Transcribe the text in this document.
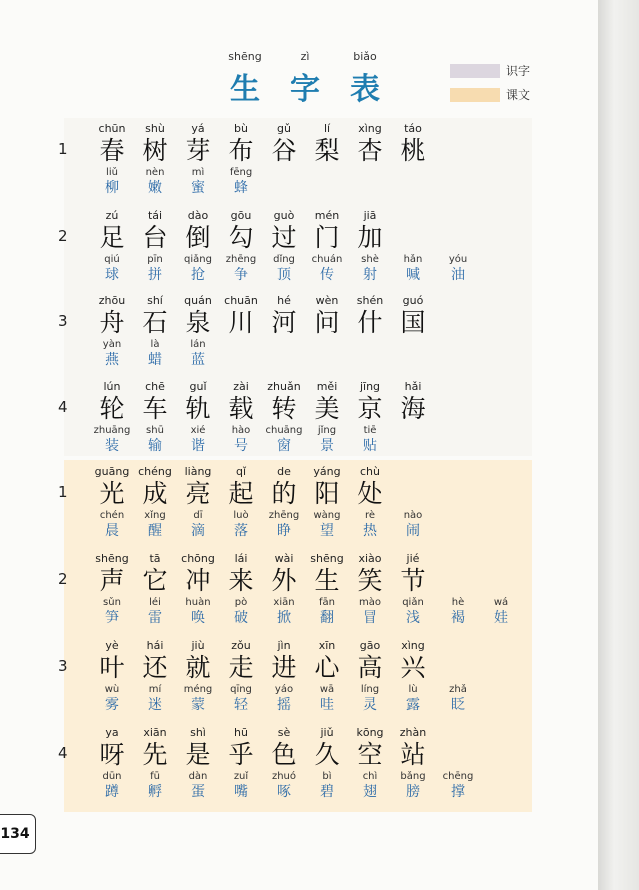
shēng
生
zì
字
biǎo
表
识字
课文
1
chūn
春
shù
树
yá
芽
bù
布
gǔ
谷
lí
梨
xìng
杏
táo
桃
liǔ
柳
nèn
嫩
mì
蜜
fēng
蜂
2
zú
足
tái
台
dào
倒
gōu
勾
guò
过
mén
门
jiā
加
qiú
球
pīn
拼
qiǎng
抢
zhēng
争
dǐng
顶
chuán
传
shè
射
hǎn
喊
yóu
油
3
zhōu
舟
shí
石
quán
泉
chuān
川
hé
河
wèn
问
shén
什
guó
国
yàn
燕
là
蜡
lán
蓝
4
lún
轮
chē
车
guǐ
轨
zài
载
zhuǎn
转
měi
美
jīng
京
hǎi
海
zhuāng
装
shū
输
xié
谐
hào
号
chuāng
窗
jǐng
景
tiē
贴
1
guāng
光
chéng
成
liàng
亮
qǐ
起
de
的
yáng
阳
chù
处
chén
晨
xǐng
醒
dī
滴
luò
落
zhēng
睁
wàng
望
rè
热
nào
闹
2
shēng
声
tā
它
chōng
冲
lái
来
wài
外
shēng
生
xiào
笑
jié
节
sǔn
笋
léi
雷
huàn
唤
pò
破
xiān
掀
fān
翻
mào
冒
qiǎn
浅
hè
褐
wá
娃
3
yè
叶
hái
还
jiù
就
zǒu
走
jìn
进
xīn
心
gāo
高
xìng
兴
wù
雾
mí
迷
méng
蒙
qīng
轻
yáo
摇
wā
哇
líng
灵
lù
露
zhǎ
眨
4
ya
呀
xiān
先
shì
是
hū
乎
sè
色
jiǔ
久
kōng
空
zhàn
站
dūn
蹲
fū
孵
dàn
蛋
zuǐ
嘴
zhuó
啄
bì
碧
chì
翅
bǎng
膀
chēng
撑
134
